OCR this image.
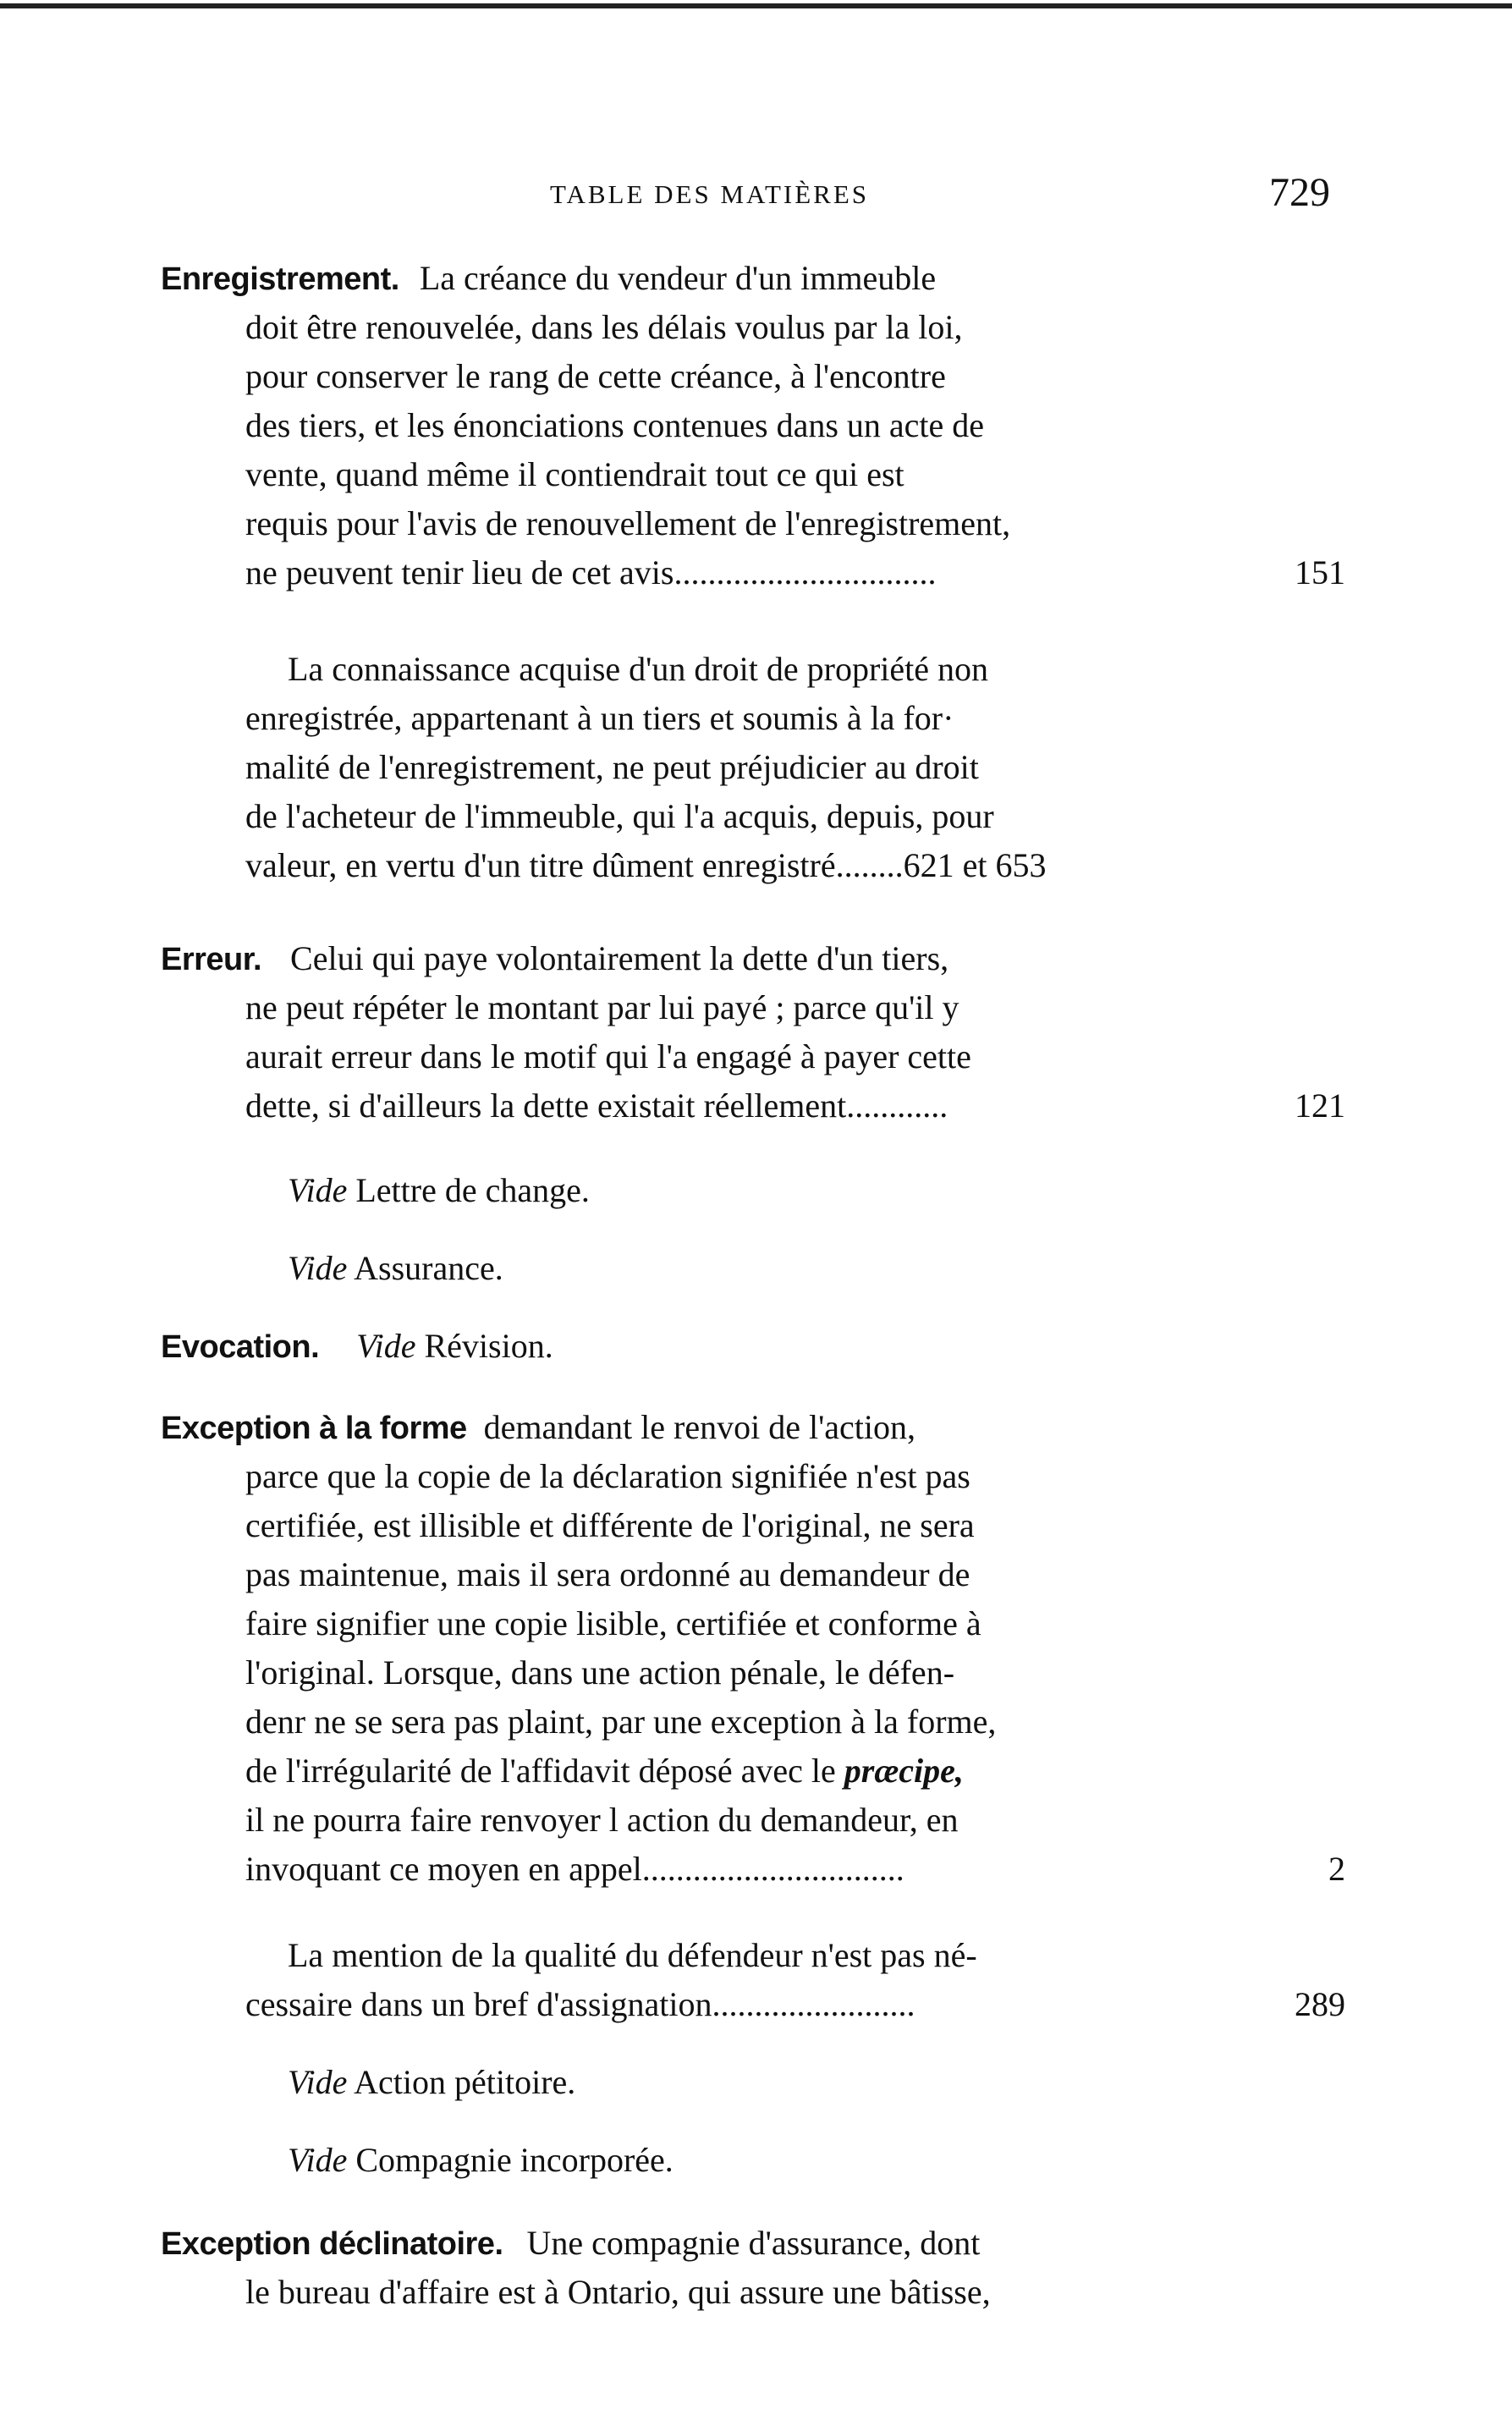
TABLE DES MATIÈRES	729
Enregistrement. La créance du vendeur d'un immeuble
doit être renouvelée, dans les délais voulus par la loi,
pour conserver le rang de cette créance, à l'encontre
des tiers, et les énonciations contenues dans un acte de
vente, quand même il contiendrait tout ce qui est
requis pour l'avis de renouvellement de l'enregistrement,
ne peuvent tenir lieu de cet avis...............................	151
La connaissance acquise d'un droit de propriété non
enregistrée, appartenant à un tiers et soumis à la for·
malité de l'enregistrement, ne peut préjudicier au droit
de l'acheteur de l'immeuble, qui l'a acquis, depuis, pour
valeur, en vertu d'un titre dûment enregistré........621 et 653
Erreur. Celui qui paye volontairement la dette d'un tiers,
ne peut répéter le montant par lui payé ; parce qu'il y
aurait erreur dans le motif qui l'a engagé à payer cette
dette, si d'ailleurs la dette existait réellement............	121
Vide Lettre de change.
Vide Assurance.
Evocation. Vide Révision.
Exception à la forme demandant le renvoi de l'action,
parce que la copie de la déclaration signifiée n'est pas
certifiée, est illisible et différente de l'original, ne sera
pas maintenue, mais il sera ordonné au demandeur de
faire signifier une copie lisible, certifiée et conforme à
l'original. Lorsque, dans une action pénale, le défen-
denr ne se sera pas plaint, par une exception à la forme,
de l'irrégularité de l'affidavit déposé avec le præcipe,
il ne pourra faire renvoyer l action du demandeur, en
invoquant ce moyen en appel...............................	2
La mention de la qualité du défendeur n'est pas né-
cessaire dans un bref d'assignation........................	289
Vide Action pétitoire.
Vide Compagnie incorporée.
Exception déclinatoire. Une compagnie d'assurance, dont
le bureau d'affaire est à Ontario, qui assure une bâtisse,
